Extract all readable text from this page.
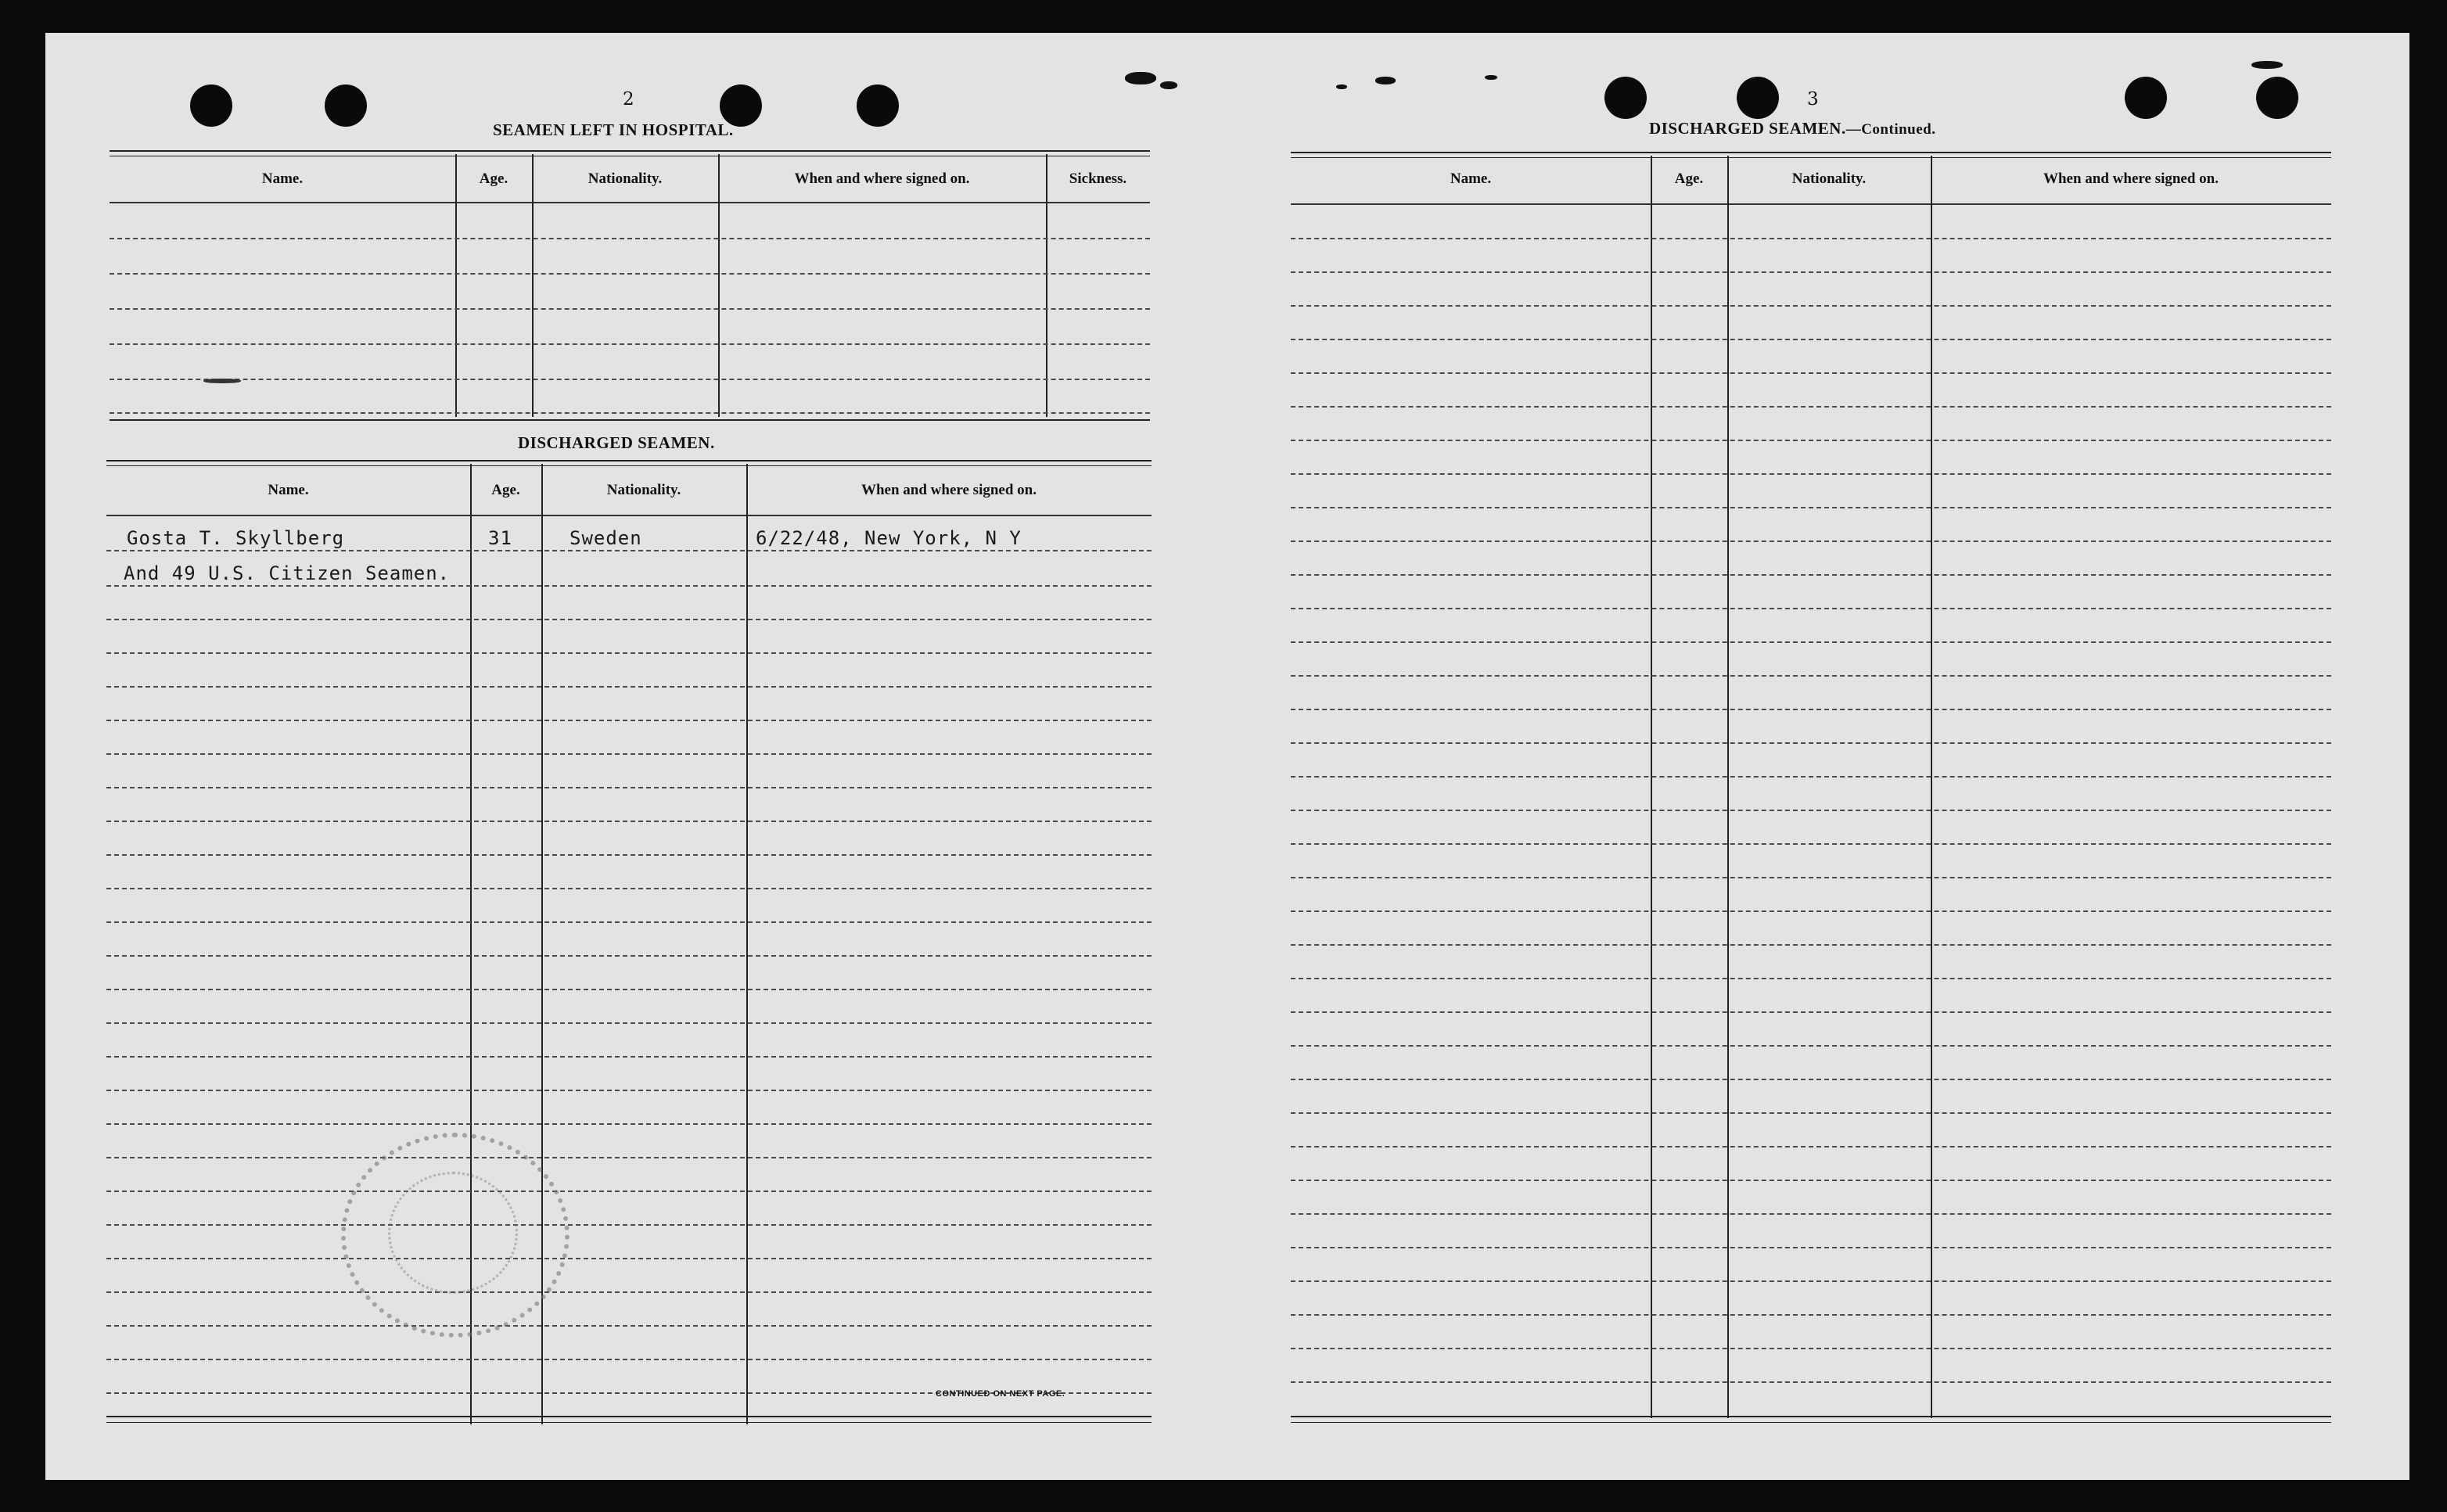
2
SEAMEN LEFT IN HOSPITAL.
Name.	Age.	Nationality.	When and where signed on.	Sickness.
DISCHARGED SEAMEN.
Name.	Age.	Nationality.	When and where signed on.
Gosta T. Skyllberg	31	Sweden	6/22/48, New York, N Y
And 49 U.S. Citizen Seamen.
CONTINUED ON NEXT PAGE.
3
DISCHARGED SEAMEN.—Continued.
Name.	Age.	Nationality.	When and where signed on.
